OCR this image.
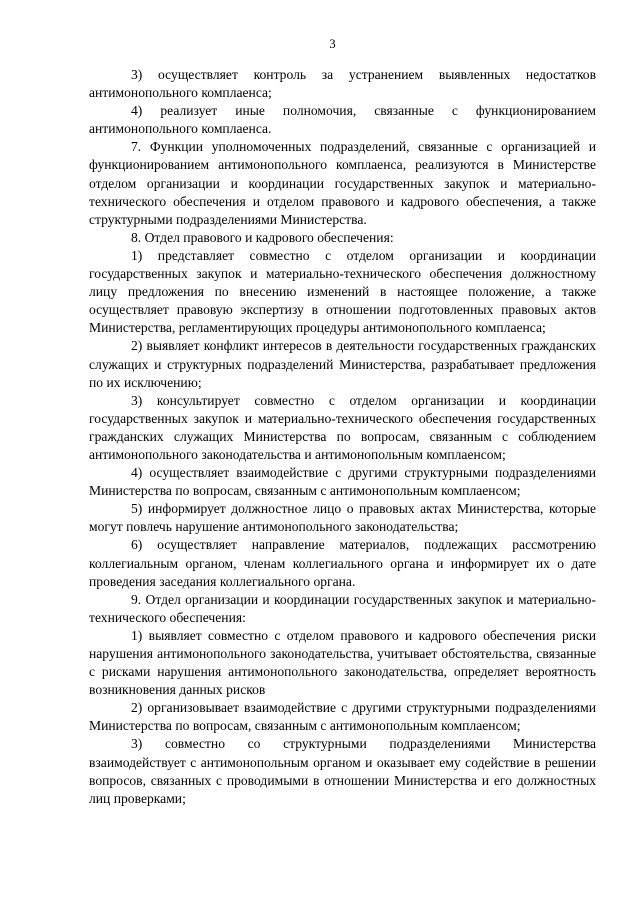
3

3) осуществляет контроль за устранением выявленных недостатков антимонопольного комплаенса;

4) реализует иные полномочия, связанные с функционированием антимонопольного комплаенса.

7. Функции уполномоченных подразделений, связанные с организацией и функционированием антимонопольного комплаенса, реализуются в Министерстве отделом организации и координации государственных закупок и материально-технического обеспечения и отделом правового и кадрового обеспечения, а также структурными подразделениями Министерства.

8. Отдел правового и кадрового обеспечения:

1) представляет совместно с отделом организации и координации государственных закупок и материально-технического обеспечения должностному лицу предложения по внесению изменений в настоящее положение, а также осуществляет правовую экспертизу в отношении подготовленных правовых актов Министерства, регламентирующих процедуры антимонопольного комплаенса;

2) выявляет конфликт интересов в деятельности государственных гражданских служащих и структурных подразделений Министерства, разрабатывает предложения по их исключению;

3) консультирует совместно с отделом организации и координации государственных закупок и материально-технического обеспечения государственных гражданских служащих Министерства по вопросам, связанным с соблюдением антимонопольного законодательства и антимонопольным комплаенсом;

4) осуществляет взаимодействие с другими структурными подразделениями Министерства по вопросам, связанным с антимонопольным комплаенсом;

5) информирует должностное лицо о правовых актах Министерства, которые могут повлечь нарушение антимонопольного законодательства;

6) осуществляет направление материалов, подлежащих рассмотрению коллегиальным органом, членам коллегиального органа и информирует их о дате проведения заседания коллегиального органа.

9. Отдел организации и координации государственных закупок и материально-технического обеспечения:

1) выявляет совместно с отделом правового и кадрового обеспечения риски нарушения антимонопольного законодательства, учитывает обстоятельства, связанные с рисками нарушения антимонопольного законодательства, определяет вероятность возникновения данных рисков

2) организовывает взаимодействие с другими структурными подразделениями Министерства по вопросам, связанным с антимонопольным комплаенсом;

3) совместно со структурными подразделениями Министерства взаимодействует с антимонопольным органом и оказывает ему содействие в решении вопросов, связанных с проводимыми в отношении Министерства и его должностных лиц проверками;
